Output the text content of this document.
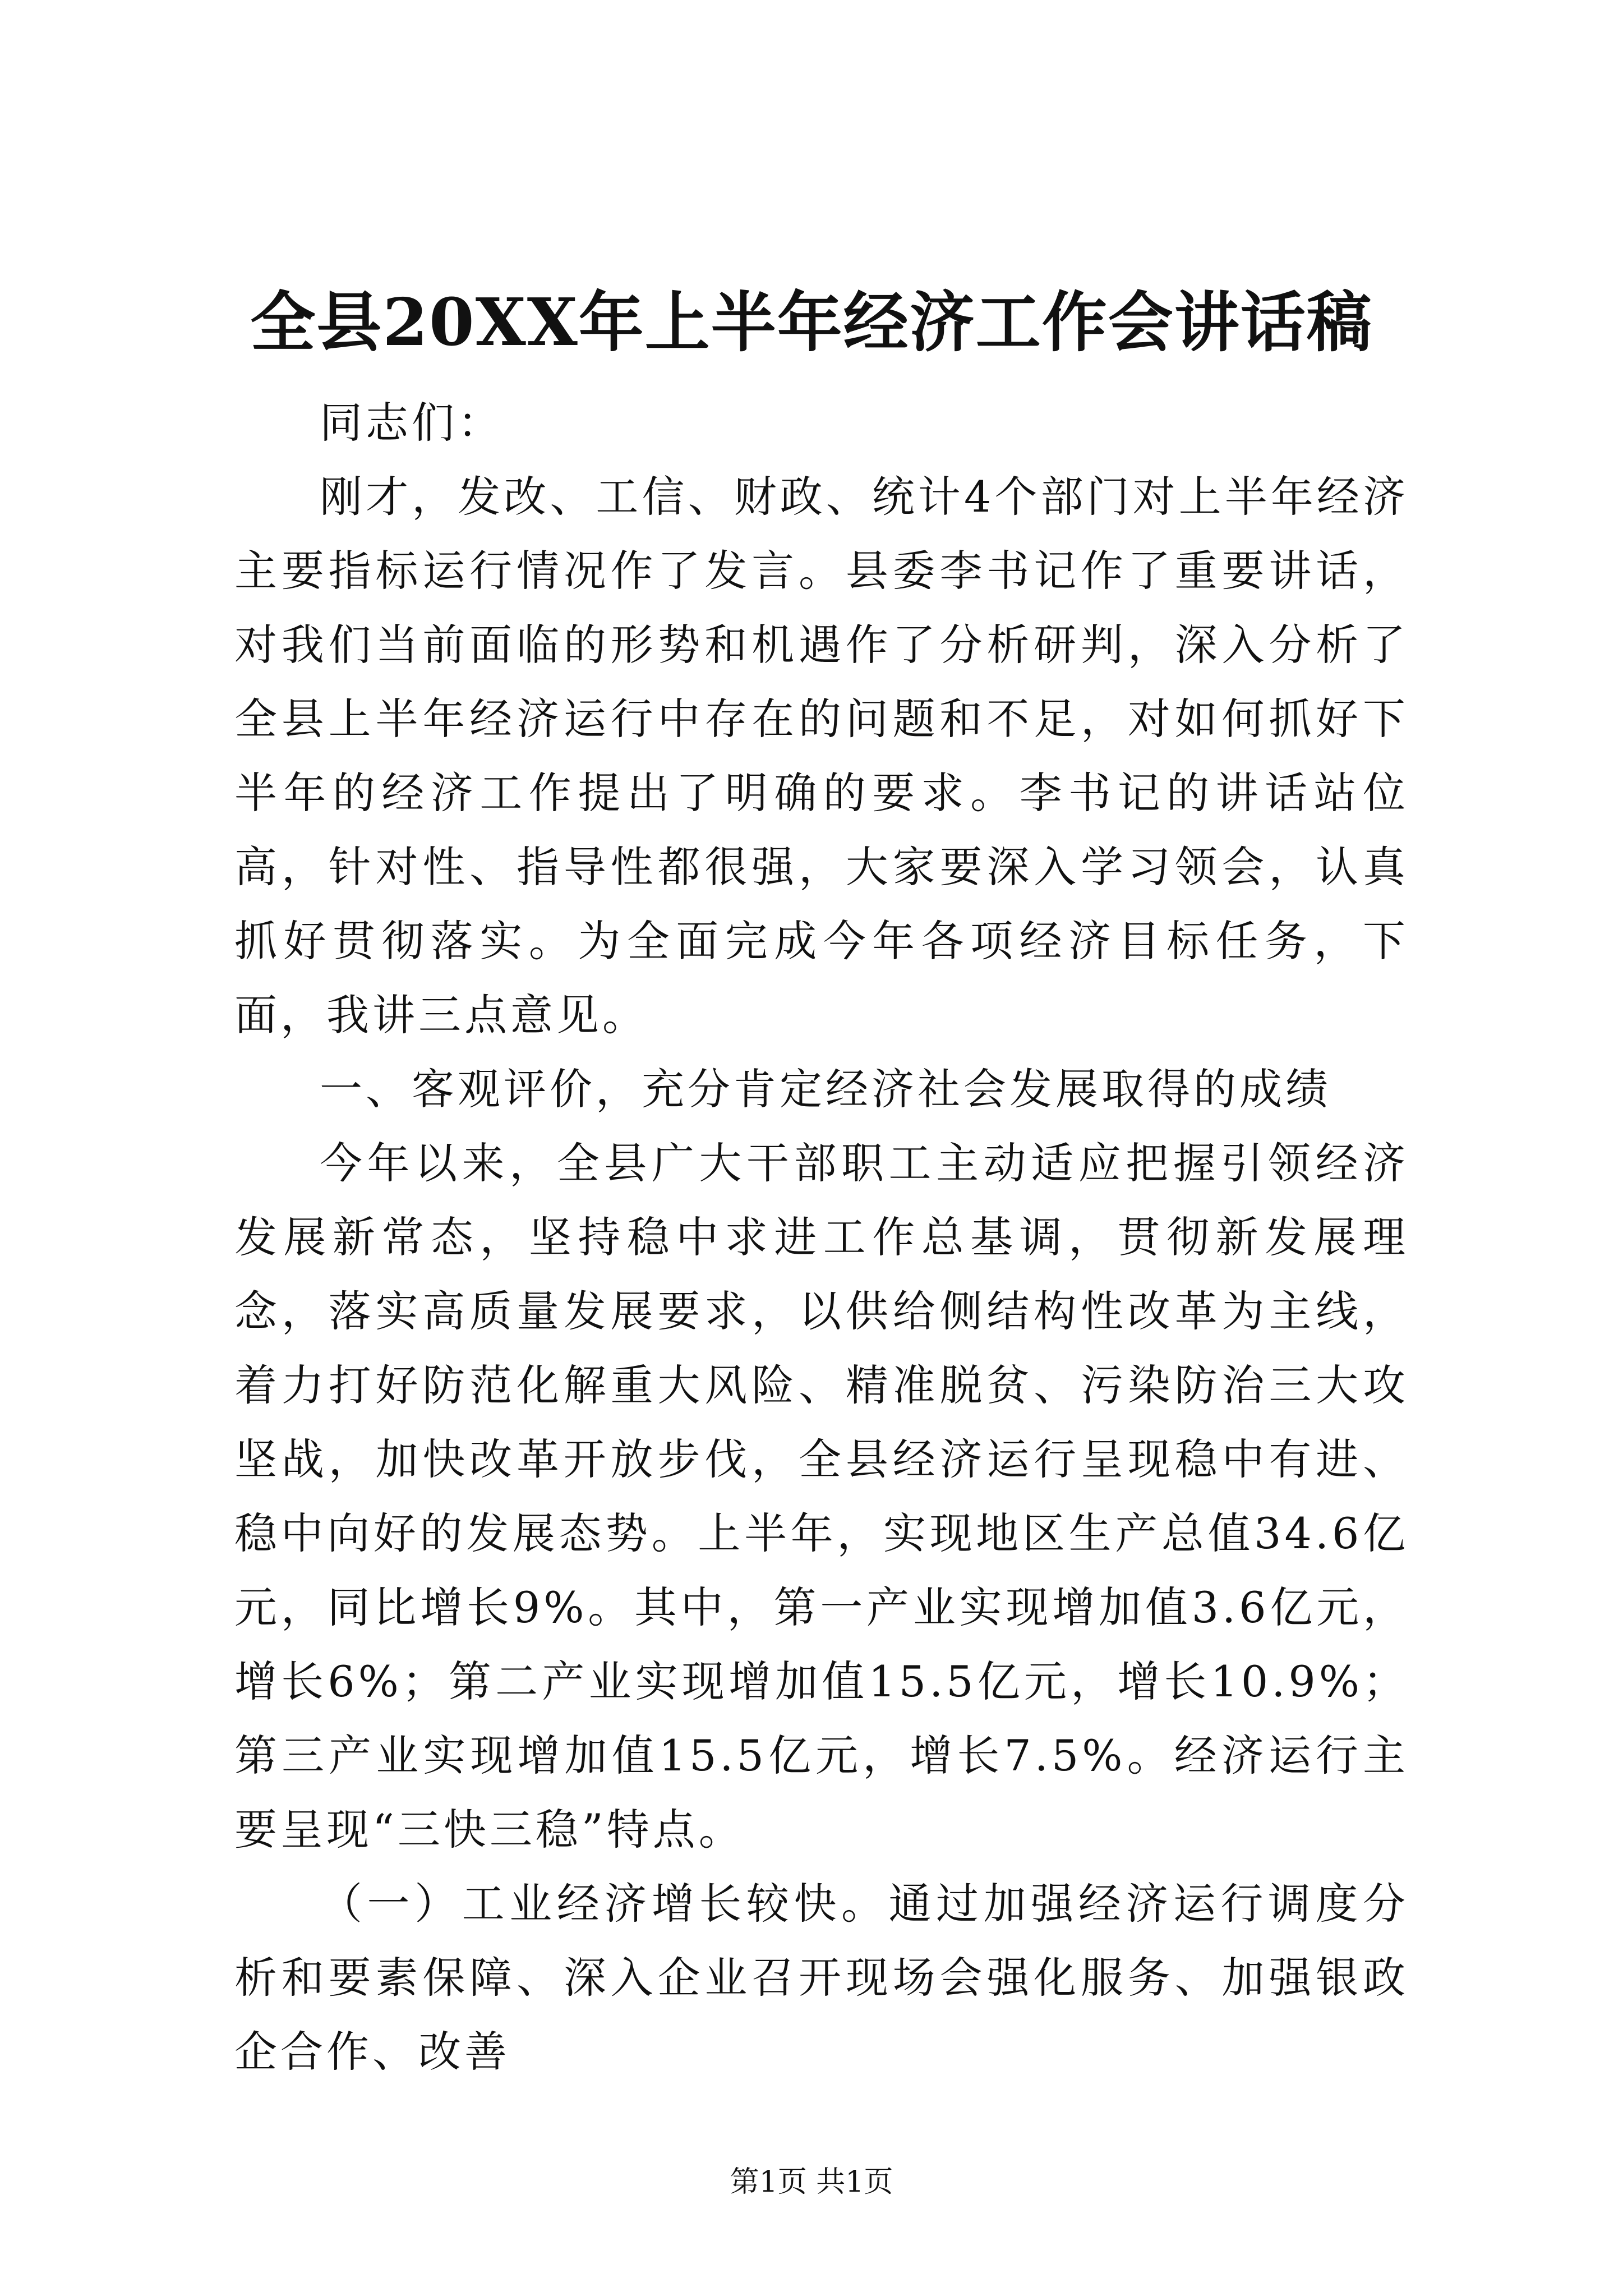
全县20XX年上半年经济工作会讲话稿

同志们：

刚才，发改、工信、财政、统计4个部门对上半年经济主要指标运行情况作了发言。县委李书记作了重要讲话，对我们当前面临的形势和机遇作了分析研判，深入分析了全县上半年经济运行中存在的问题和不足，对如何抓好下半年的经济工作提出了明确的要求。李书记的讲话站位高，针对性、指导性都很强，大家要深入学习领会，认真抓好贯彻落实。为全面完成今年各项经济目标任务，下面，我讲三点意见。

一、客观评价，充分肯定经济社会发展取得的成绩

今年以来，全县广大干部职工主动适应把握引领经济发展新常态，坚持稳中求进工作总基调，贯彻新发展理念，落实高质量发展要求，以供给侧结构性改革为主线，着力打好防范化解重大风险、精准脱贫、污染防治三大攻坚战，加快改革开放步伐，全县经济运行呈现稳中有进、稳中向好的发展态势。上半年，实现地区生产总值34.6亿元，同比增长9%。其中，第一产业实现增加值3.6亿元，增长6%；第二产业实现增加值15.5亿元，增长10.9%；第三产业实现增加值15.5亿元，增长7.5%。经济运行主要呈现“三快三稳”特点。

（一）工业经济增长较快。通过加强经济运行调度分析和要素保障、深入企业召开现场会强化服务、加强银政企合作、改善

第1页 共1页
